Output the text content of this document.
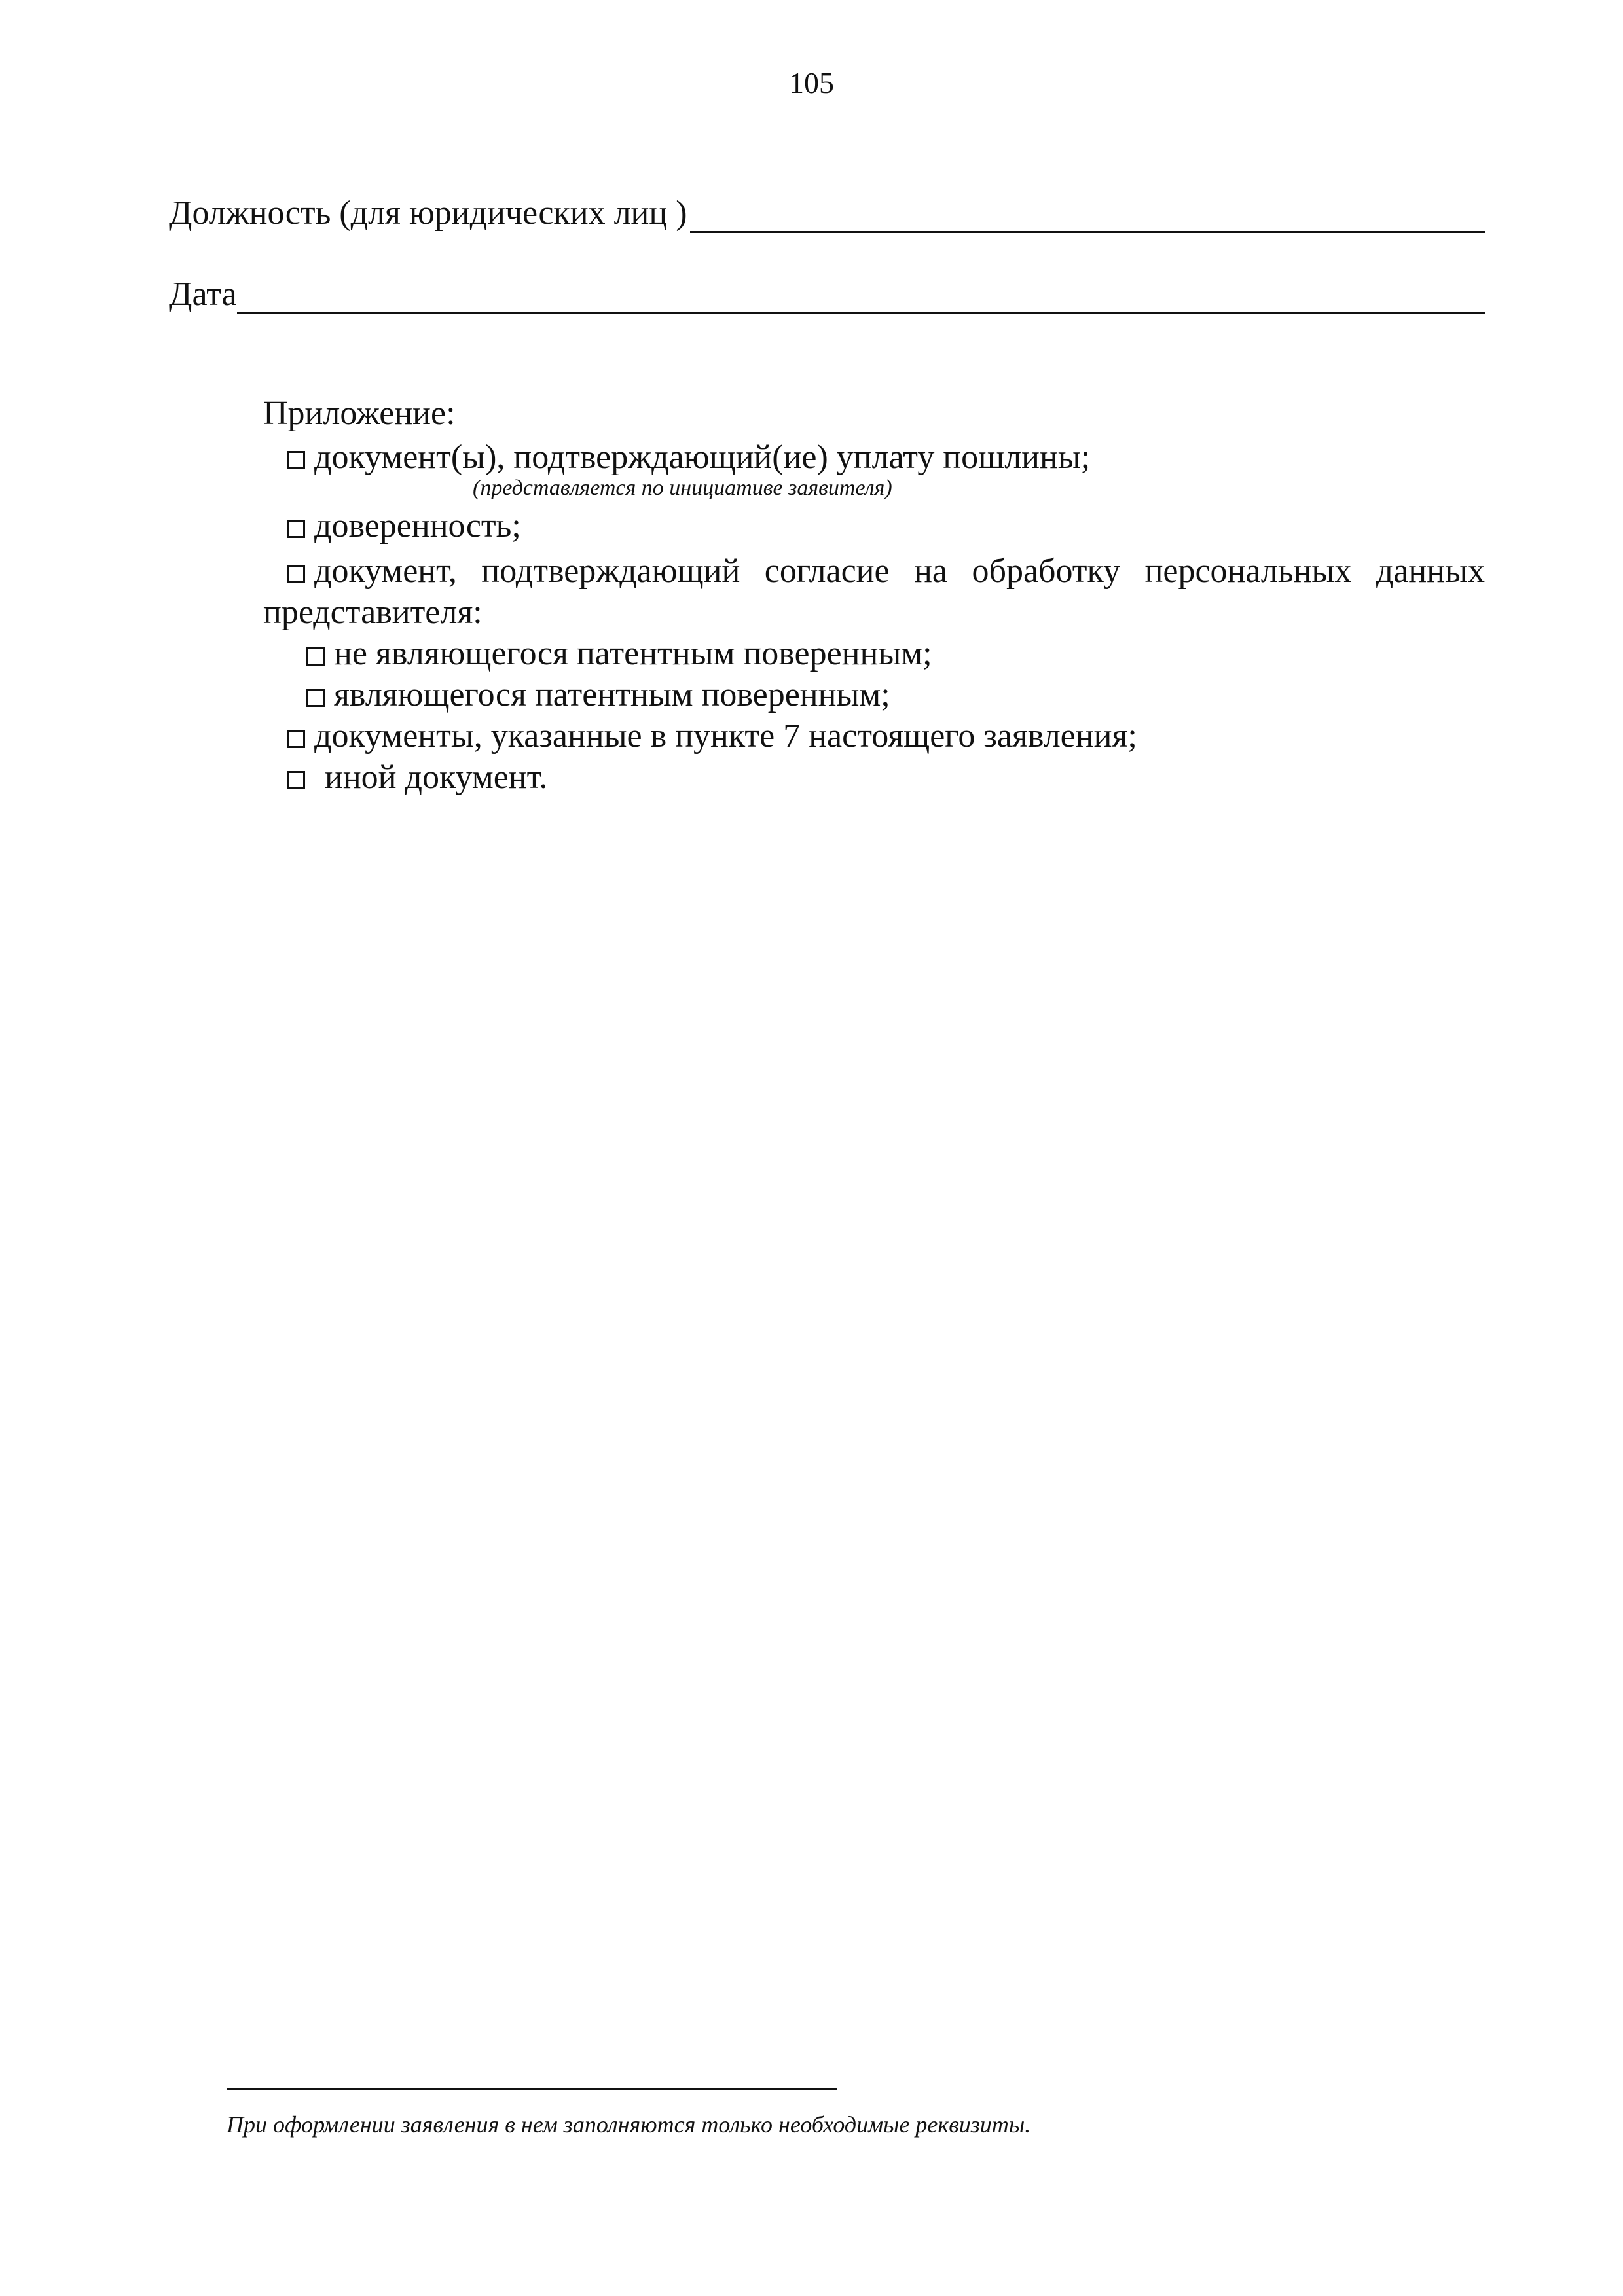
105
Должность (для юридических лиц )
Дата
Приложение:
документ(ы), подтверждающий(ие) уплату пошлины;
(представляется по инициативе заявителя)
доверенность;
документ, подтверждающий согласие на обработку персональных данных
представителя:
не являющегося патентным поверенным;
являющегося патентным поверенным;
документы, указанные в пункте 7 настоящего заявления;
иной документ.
При оформлении заявления в нем заполняются только необходимые реквизиты.
